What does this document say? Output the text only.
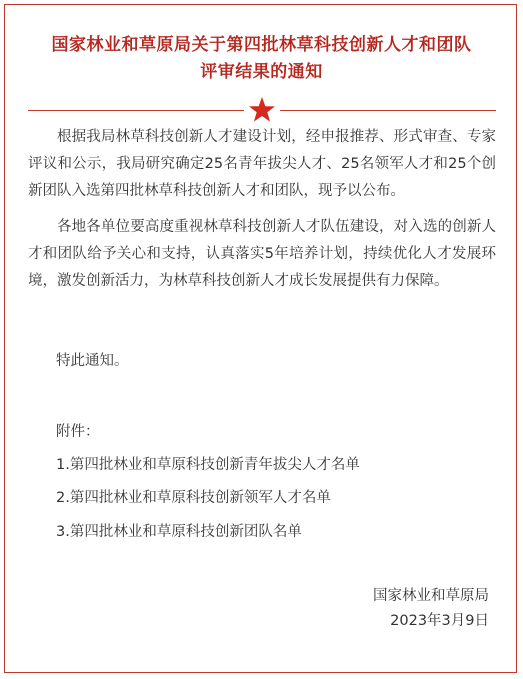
国家林业和草原局关于第四批林草科技创新人才和团队
评审结果的通知

根据我局林草科技创新人才建设计划，经申报推荐、形式审查、专家评议和公示，我局研究确定25名青年拔尖人才、25名领军人才和25个创新团队入选第四批林草科技创新人才和团队，现予以公布。

各地各单位要高度重视林草科技创新人才队伍建设，对入选的创新人才和团队给予关心和支持，认真落实5年培养计划，持续优化人才发展环境，激发创新活力，为林草科技创新人才成长发展提供有力保障。

特此通知。
附件：
1.第四批林业和草原科技创新青年拔尖人才名单
2.第四批林业和草原科技创新领军人才名单
3.第四批林业和草原科技创新团队名单
国家林业和草原局
2023年3月9日
